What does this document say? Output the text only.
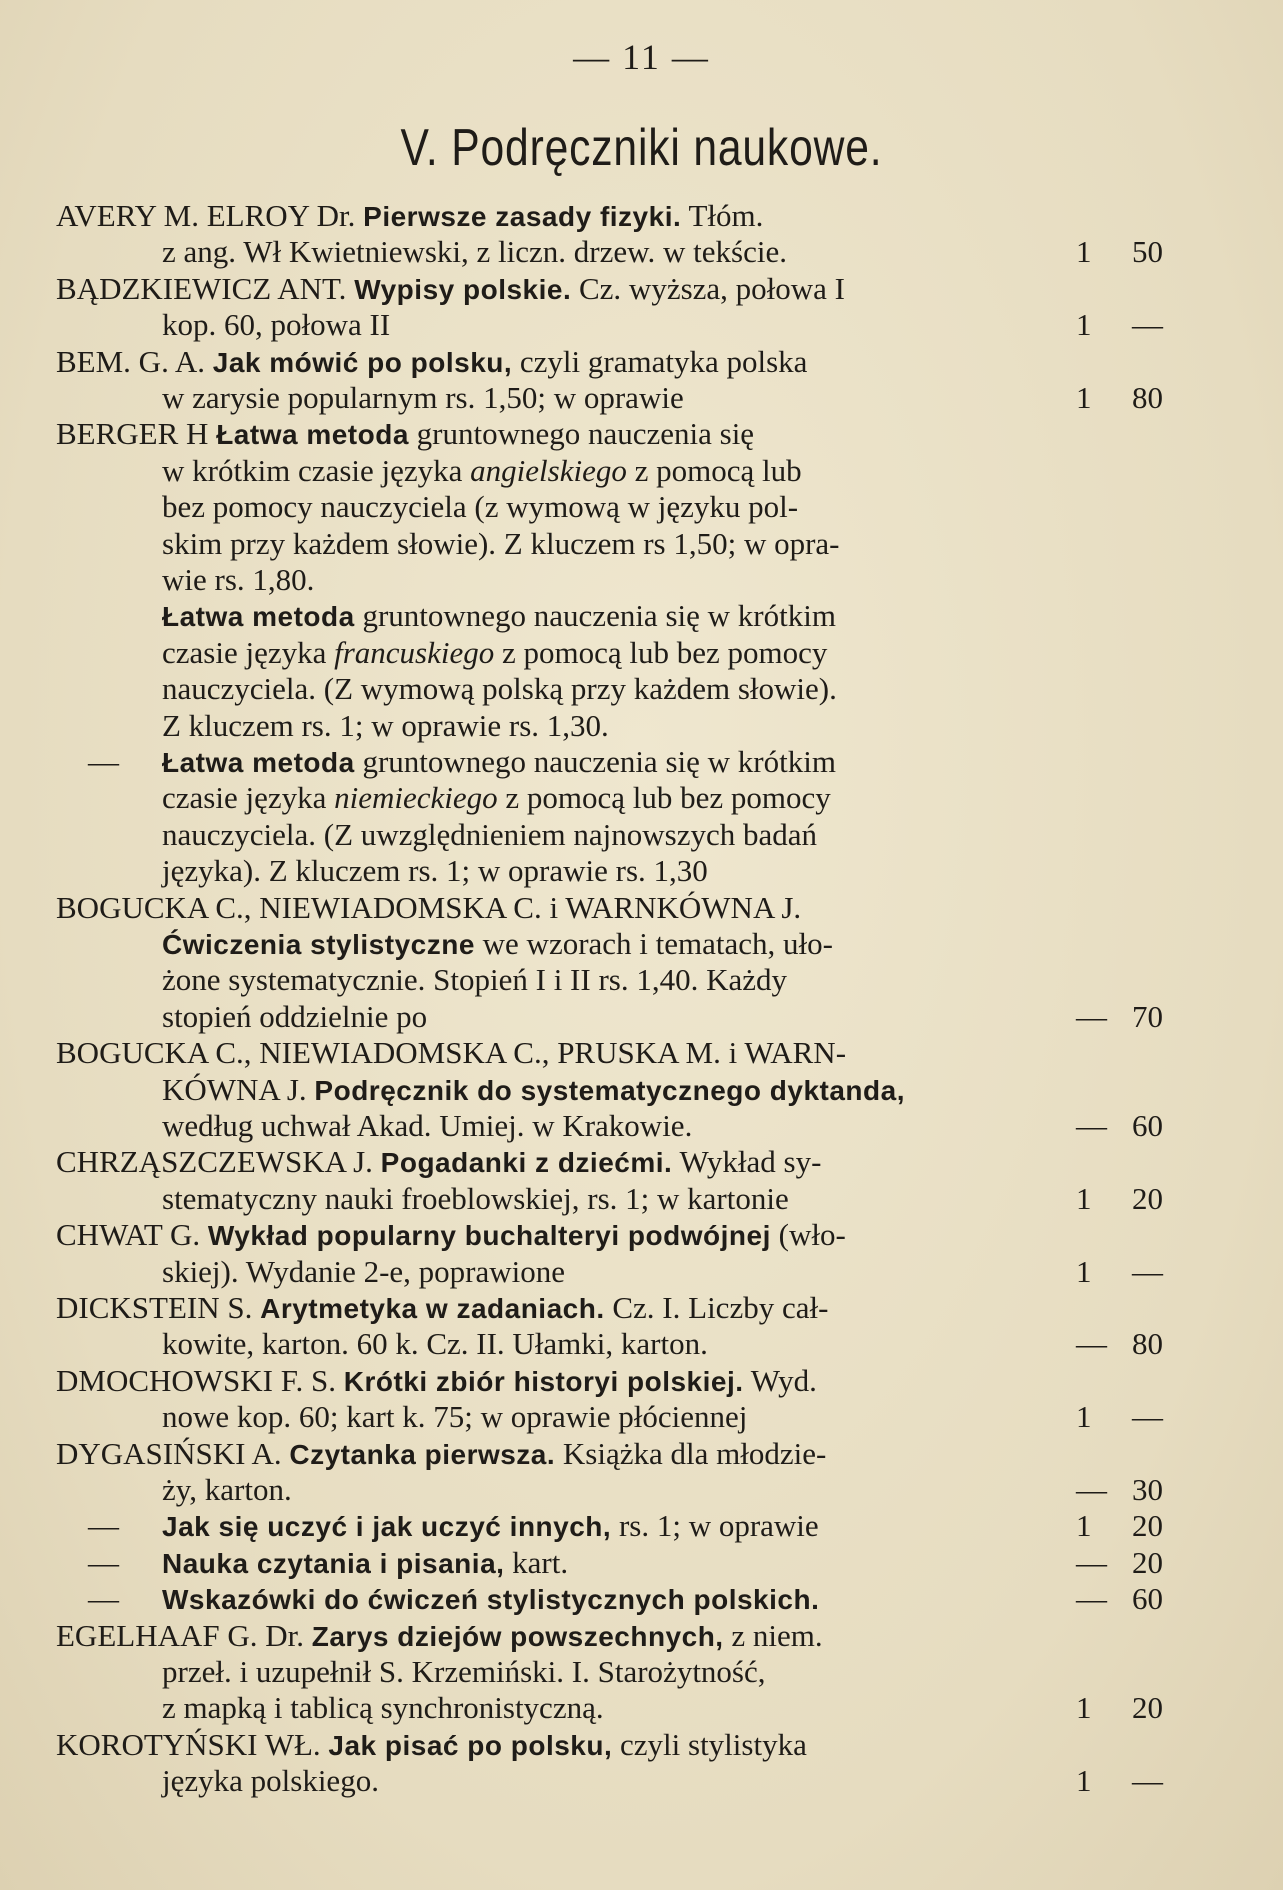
— 11 —
V. Podręczniki naukowe.
AVERY M. ELROY Dr. Pierwsze zasady fizyki. Tłóm.
z ang. Wł Kwietniewski, z liczn. drzew. w tekście.	1 50
BĄDZKIEWICZ ANT. Wypisy polskie. Cz. wyższa, połowa I
kop. 60, połowa II	1 —
BEM. G. A. Jak mówić po polsku, czyli gramatyka polska
w zarysie popularnym rs. 1,50; w oprawie	1 80
BERGER H Łatwa metoda gruntownego nauczenia się
w krótkim czasie języka angielskiego z pomocą lub
bez pomocy nauczyciela (z wymową w języku pol-
skim przy każdem słowie). Z kluczem rs 1,50; w opra-
wie rs. 1,80.
Łatwa metoda gruntownego nauczenia się w krótkim
czasie języka francuskiego z pomocą lub bez pomocy
nauczyciela. (Z wymową polską przy każdem słowie).
Z kluczem rs. 1; w oprawie rs. 1,30.
— Łatwa metoda gruntownego nauczenia się w krótkim
czasie języka niemieckiego z pomocą lub bez pomocy
nauczyciela. (Z uwzględnieniem najnowszych badań
języka). Z kluczem rs. 1; w oprawie rs. 1,30
BOGUCKA C., NIEWIADOMSKA C. i WARNKÓWNA J.
Ćwiczenia stylistyczne we wzorach i tematach, uło-
żone systematycznie. Stopień I i II rs. 1,40. Każdy
stopień oddzielnie po	— 70
BOGUCKA C., NIEWIADOMSKA C., PRUSKA M. i WARN-
KÓWNA J. Podręcznik do systematycznego dyktanda,
według uchwał Akad. Umiej. w Krakowie.	— 60
CHRZĄSZCZEWSKA J. Pogadanki z dziećmi. Wykład sy-
stematyczny nauki froeblowskiej, rs. 1; w kartonie	1 20
CHWAT G. Wykład popularny buchalteryi podwójnej (wło-
skiej). Wydanie 2-e, poprawione	1 —
DICKSTEIN S. Arytmetyka w zadaniach. Cz. I. Liczby cał-
kowite, karton. 60 k. Cz. II. Ułamki, karton.	— 80
DMOCHOWSKI F. S. Krótki zbiór historyi polskiej. Wyd.
nowe kop. 60; kart k. 75; w oprawie płóciennej	1 —
DYGASIŃSKI A. Czytanka pierwsza. Książka dla młodzie-
ży, karton.	— 30
— Jak się uczyć i jak uczyć innych, rs. 1; w oprawie	1 20
— Nauka czytania i pisania, kart.	— 20
— Wskazówki do ćwiczeń stylistycznych polskich.	— 60
EGELHAAF G. Dr. Zarys dziejów powszechnych, z niem.
przeł. i uzupełnił S. Krzemiński. I. Starożytność,
z mapką i tablicą synchronistyczną.	1 20
KOROTYŃSKI WŁ. Jak pisać po polsku, czyli stylistyka
języka polskiego.	1 —
